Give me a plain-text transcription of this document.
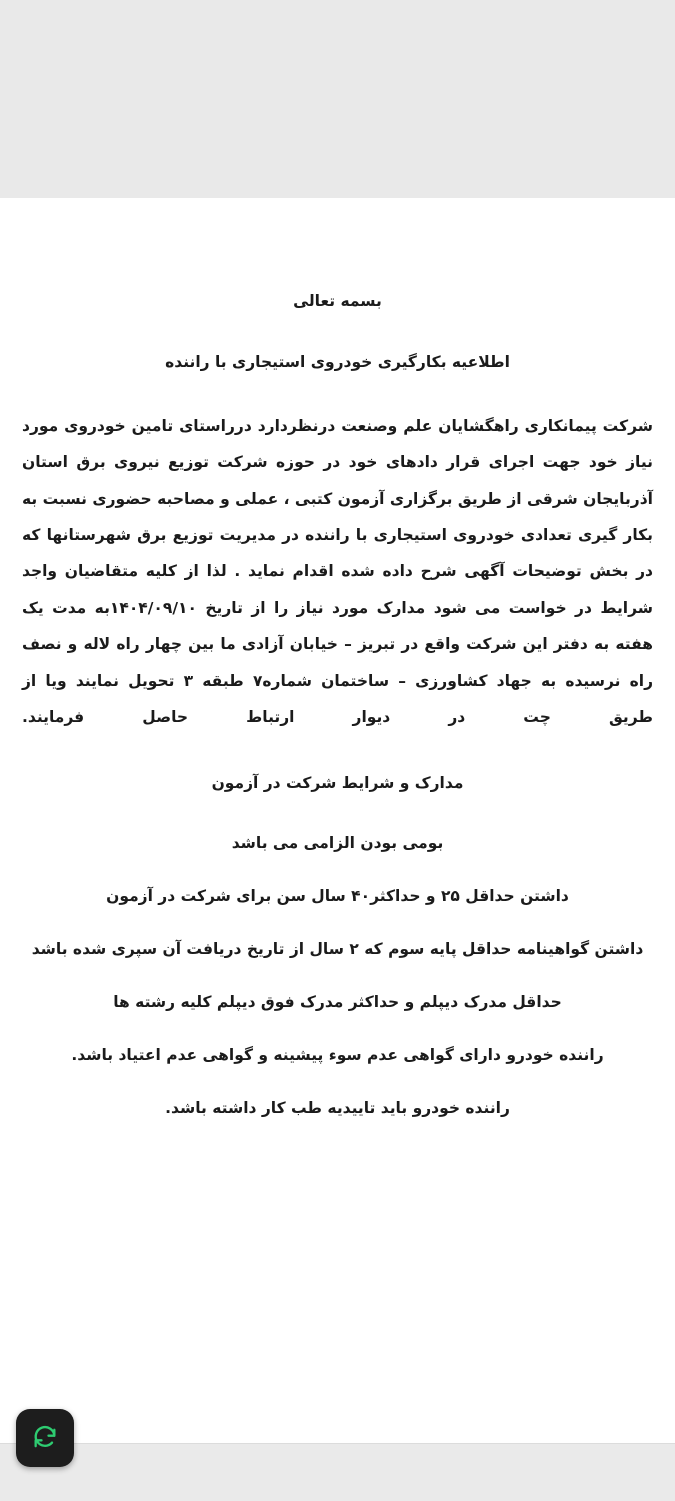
بسمه تعالی
اطلاعیه بکارگیری خودروی استیجاری با راننده
شرکت پیمانکاری راهگشایان علم وصنعت درنظردارد دررا‌ستای تامین خودروی مورد نیاز خود جهت اجرای قرار دادهای خود در حوزه شرکت توزیع نیروی برق استان آذربایجان شرقی از طریق برگزاری آزمون کتبی ، عملی و مصاحبه حضوری نسبت به بکار گیری تعدادی خودروی استیجاری با راننده در مدیریت توزیع برق شهرستانها که در بخش توضیحات آگهی شرح داده شده اقدام نماید . لذا از کلیه متقاضیان واجد شرایط در خواست می شود مدارک مورد نیاز را از تاریخ ۱۴۰۴/۰۹/۱۰به مدت یک هفته به دفتر این شرکت واقع در تبریز – خیابان آزادی ما بین چهار راه لاله و نصف راه نرسیده به جهاد کشاورزی – ساختمان شماره۷ طبقه ۳ تحویل نمایند ویا از طریق چت در دیوار ارتباط حاصل فرمایند.
مدارک و شرایط شرکت در آزمون
بومی بودن الزامی می باشد
داشتن حداقل ۲۵ و حداکثر۴۰ سال سن برای شرکت در آزمون
داشتن گواهینامه حداقل پایه سوم که ۲ سال از تاریخ دریافت آن سپری شده باشد
حداقل مدرک دیپلم و حداکثر مدرک فوق دیپلم کلیه رشته ها
راننده خودرو دارای گواهی عدم سوء پیشینه و گواهی عدم اعتیاد باشد.
راننده خودرو باید تاییدیه طب کار داشته باشد.
